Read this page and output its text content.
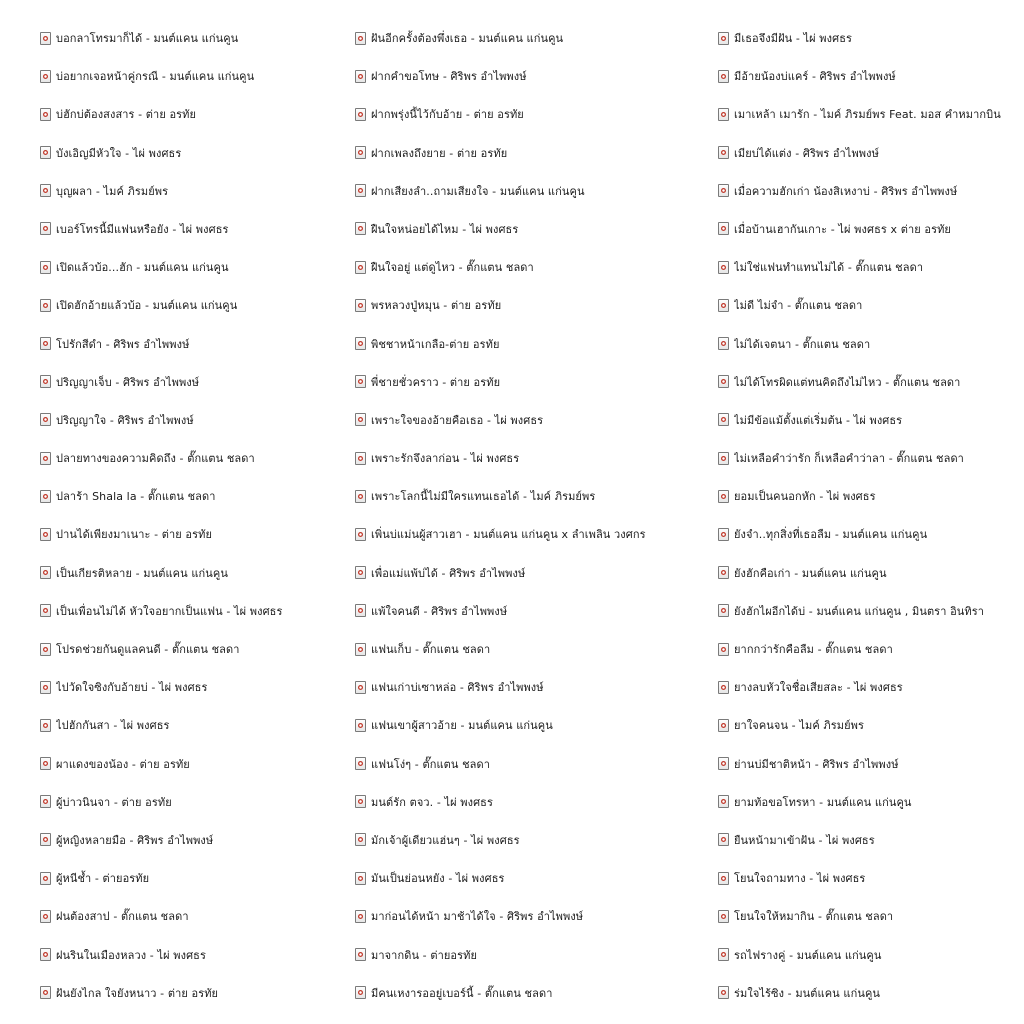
บอกลาโทรมาก็ได้ - มนต์แคน แก่นคูน
บ่อยากเจอหน้าคู่กรณี - มนต์แคน แก่นคูน
บ่ฮักบ่ต้องสงสาร - ต่าย อรทัย
บังเอิญมีหัวใจ - ไผ่ พงศธร
บุญผลา - ไมค์ ภิรมย์พร
เบอร์โทรนี้มีแฟนหรือยัง - ไผ่ พงศธร
เปิดแล้วบ้อ...ฮัก - มนต์แคน แก่นคูน
เปิดฮักอ้ายแล้วบ้อ - มนต์แคน แก่นคูน
โปรักสีดำ - ศิริพร อำไพพงษ์
ปริญญาเจ็บ - ศิริพร อำไพพงษ์
ปริญญาใจ - ศิริพร อำไพพงษ์
ปลายทางของความคิดถึง - ตั๊กแตน ชลดา
ปลาร้า Shala la - ตั๊กแตน ชลดา
ปานได้เพียงมาเนาะ - ต่าย อรทัย
เป็นเกียรติหลาย - มนต์แคน แก่นคูน
เป็นเพื่อนไม่ได้ หัวใจอยากเป็นแฟน - ไผ่ พงศธร
โปรดช่วยกันดูแลคนดี - ตั๊กแตน ชลดา
ไปวัดใจซิงกับอ้ายบ่ - ไผ่ พงศธร
ไปฮักกันสา - ไผ่ พงศธร
ผาแดงของน้อง - ต่าย อรทัย
ผู้บ่าวนินจา - ต่าย อรทัย
ผู้หญิงหลายมือ - ศิริพร อำไพพงษ์
ผู้หนีช้ำ - ต่ายอรทัย
ฝนต้องสาป - ตั๊กแตน ชลดา
ฝนรินในเมืองหลวง - ไผ่ พงศธร
ฝันยังไกล ใจยังหนาว - ต่าย อรทัย
ฝันอีกครั้งต้องพึ่งเธอ - มนต์แคน แก่นคูน
ฝากคำขอโทษ - ศิริพร อำไพพงษ์
ฝากพรุ่งนี้ไว้กับอ้าย - ต่าย อรทัย
ฝากเพลงถึงยาย - ต่าย อรทัย
ฝากเสียงลำ..ถามเสียงใจ - มนต์แคน แก่นคูน
ฝืนใจหน่อยได้ไหม - ไผ่ พงศธร
ฝืนใจอยู่ แต่ดูไหว - ตั๊กแตน ชลดา
พรหลวงปู่หมุน - ต่าย อรทัย
พิชชาหน้าเกลือ-ต่าย อรทัย
พี่ชายชั่วคราว - ต่าย อรทัย
เพราะใจของอ้ายคือเธอ - ไผ่ พงศธร
เพราะรักจึงลาก่อน - ไผ่ พงศธร
เพราะโลกนี้ไม่มีใครแทนเธอได้ - ไมค์ ภิรมย์พร
เพิ่นบ่แม่นผู้สาวเฮา - มนต์แคน แก่นคูน x ลำเพลิน วงศกร
เพื่อแม่แพ้บ่ได้ - ศิริพร อำไพพงษ์
แพ้ใจคนดี - ศิริพร อำไพพงษ์
แฟนเก็บ - ตั๊กแตน ชลดา
แฟนเก่าบ่เซาหล่อ - ศิริพร อำไพพงษ์
แฟนเขาผู้สาวอ้าย - มนต์แคน แก่นคูน
แฟนโง่ๆ - ตั๊กแตน ชลดา
มนต์รัก ตจว. - ไผ่ พงศธร
มักเจ้าผู้เดียวแฮ่นๆ - ไผ่ พงศธร
มันเป็นย่อนหยัง - ไผ่ พงศธร
มาก่อนได้หน้า มาช้าได้ใจ - ศิริพร อำไพพงษ์
มาจากดิน - ต่ายอรทัย
มีคนเหงารออยู่เบอร์นี้ - ตั๊กแตน ชลดา
มีเธอจึงมีฝัน - ไผ่ พงศธร
มีอ้ายน้องบ่แคร์ - ศิริพร อำไพพงษ์
เมาเหล้า เมารัก - ไมค์ ภิรมย์พร Feat. มอส คำหมากบิน
เมียบ่ได้แต่ง - ศิริพร อำไพพงษ์
เมื่อความฮักเก่า น้องสิเหงาบ่ - ศิริพร อำไพพงษ์
เมื่อบ้านเฮากันเกาะ - ไผ่ พงศธร x ต่าย อรทัย
ไม่ใช่แฟนทำแทนไม่ได้ - ตั๊กแตน ชลดา
ไม่ดี ไม่จำ - ตั๊กแตน ชลดา
ไม่ได้เจตนา - ตั๊กแตน ชลดา
ไม่ได้โทรผิดแต่ทนคิดถึงไม่ไหว - ตั๊กแตน ชลดา
ไม่มีข้อแม้ตั้งแต่เริ่มต้น - ไผ่ พงศธร
ไม่เหลือคำว่ารัก ก็เหลือคำว่าลา - ตั๊กแตน ชลดา
ยอมเป็นคนอกหัก - ไผ่ พงศธร
ยังจำ..ทุกสิ่งที่เธอลืม - มนต์แคน แก่นคูน
ยังฮักคือเก่า - มนต์แคน แก่นคูน
ยังฮักไผอีกได้บ่ - มนต์แคน แก่นคูน , มินตรา อินทิรา
ยากกว่ารักคือลืม - ตั๊กแตน ชลดา
ยางลบหัวใจชื่อเสียสละ - ไผ่ พงศธร
ยาใจคนจน - ไมค์ ภิรมย์พร
ย่านบ่มีชาติหน้า - ศิริพร อำไพพงษ์
ยามท้อขอโทรหา - มนต์แคน แก่นคูน
ยืนหน้ามาเข้าฝัน - ไผ่ พงศธร
โยนใจถามทาง - ไผ่ พงศธร
โยนใจให้หมากิน - ตั๊กแตน ชลดา
รถไฟรางคู่ - มนต์แคน แก่นคูน
ร่มใจไร้ซิง - มนต์แคน แก่นคูน
